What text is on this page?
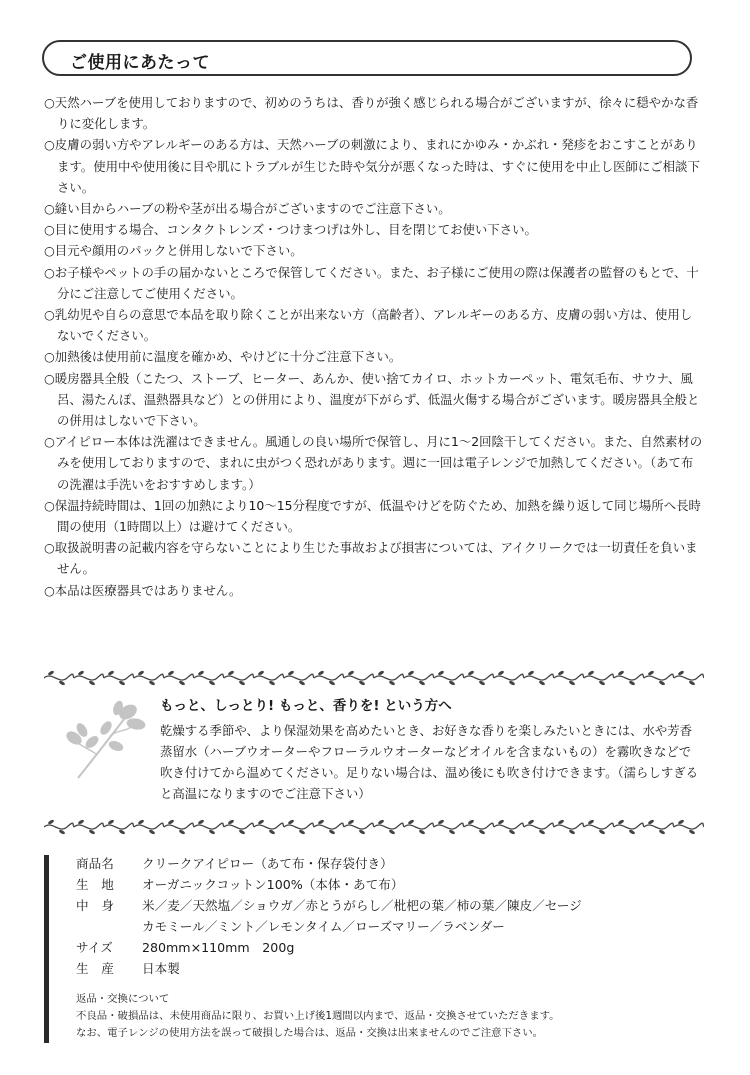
ご使用にあたって

○天然ハーブを使用しておりますので、初めのうちは、香りが強く感じられる場合がございますが、徐々に穏やかな香りに変化します。

○皮膚の弱い方やアレルギーのある方は、天然ハーブの刺激により、まれにかゆみ・かぶれ・発疹をおこすことがあります。使用中や使用後に目や肌にトラブルが生じた時や気分が悪くなった時は、すぐに使用を中止し医師にご相談下さい。

○縫い目からハーブの粉や茎が出る場合がございますのでご注意下さい。

○目に使用する場合、コンタクトレンズ・つけまつげは外し、目を閉じてお使い下さい。

○目元や顔用のパックと併用しないで下さい。

○お子様やペットの手の届かないところで保管してください。また、お子様にご使用の際は保護者の監督のもとで、十分にご注意してご使用ください。

○乳幼児や自らの意思で本品を取り除くことが出来ない方（高齢者）、アレルギーのある方、皮膚の弱い方は、使用しないでください。

○加熱後は使用前に温度を確かめ、やけどに十分ご注意下さい。

○暖房器具全般（こたつ、ストーブ、ヒーター、あんか、使い捨てカイロ、ホットカーペット、電気毛布、サウナ、風呂、湯たんぽ、温熱器具など）との併用により、温度が下がらず、低温火傷する場合がございます。暖房器具全般との併用はしないで下さい。

○アイピロー本体は洗濯はできません。風通しの良い場所で保管し、月に1〜2回陰干してください。また、自然素材のみを使用しておりますので、まれに虫がつく恐れがあります。週に一回は電子レンジで加熱してください。（あて布の洗濯は手洗いをおすすめします。）

○保温持続時間は、1回の加熱により10〜15分程度ですが、低温やけどを防ぐため、加熱を繰り返して同じ場所へ長時間の使用（1時間以上）は避けてください。

○取扱説明書の記載内容を守らないことにより生じた事故および損害については、アイクリークでは一切責任を負いません。

○本品は医療器具ではありません。

もっと、しっとり! もっと、香りを! という方へ
乾燥する季節や、より保湿効果を高めたいとき、お好きな香りを楽しみたいときには、水や芳香蒸留水（ハーブウオーターやフローラルウオーターなどオイルを含まないもの）を霧吹きなどで吹き付けてから温めてください。足りない場合は、温め後にも吹き付けできます。（濡らしすぎると高温になりますのでご注意下さい）
商品名	クリークアイピロー（あて布・保存袋付き）
生　地	オーガニックコットン100%（本体・あて布）
中　身	米／麦／天然塩／ショウガ／赤とうがらし／枇杷の葉／柿の葉／陳皮／セージ
カモミール／ミント／レモンタイム／ローズマリー／ラベンダー
サイズ	280mm×110mm　200g
生　産	日本製
返品・交換について
不良品・破損品は、未使用商品に限り、お買い上げ後1週間以内まで、返品・交換させていただきます。
なお、電子レンジの使用方法を誤って破損した場合は、返品・交換は出来ませんのでご注意下さい。
